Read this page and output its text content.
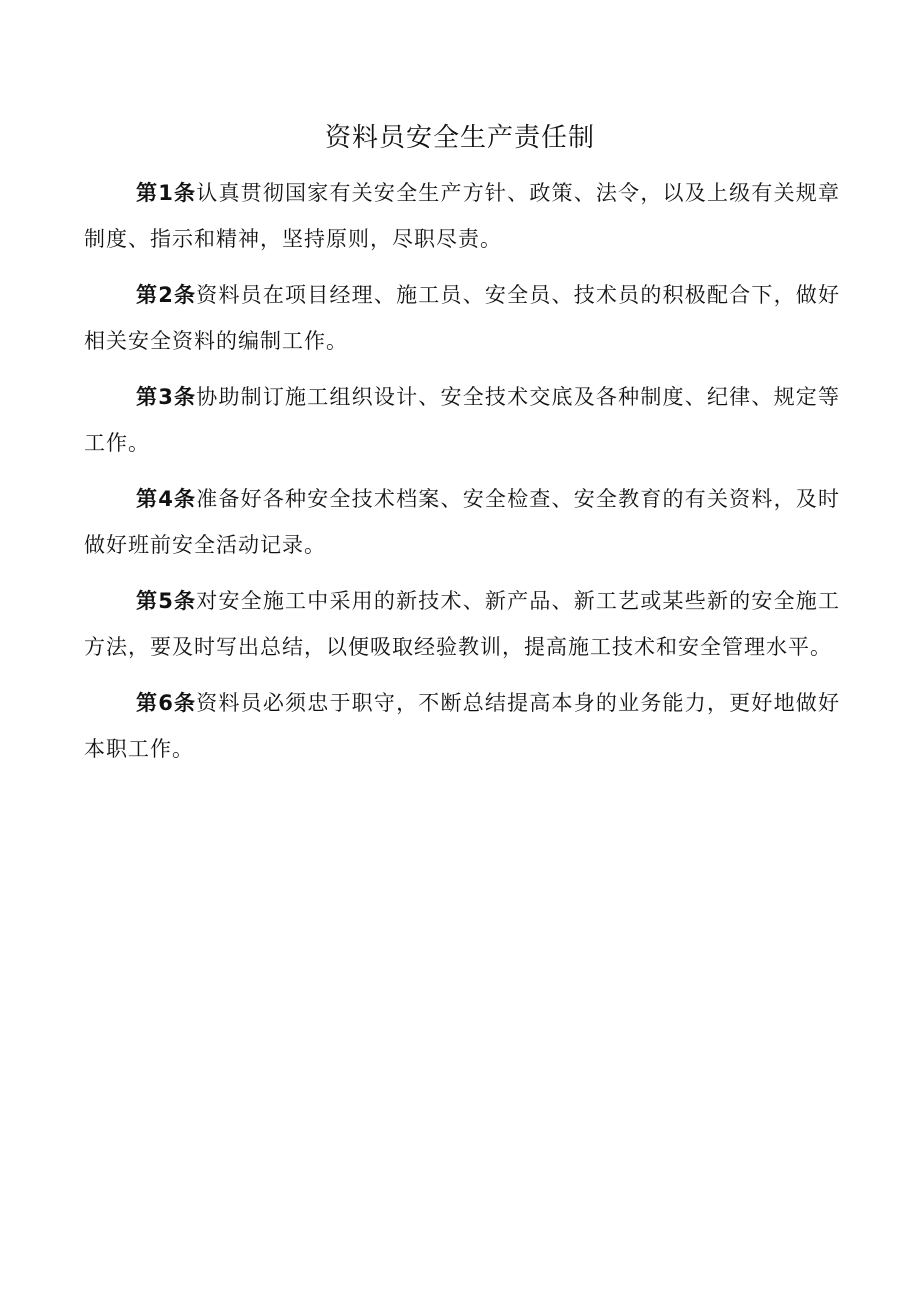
资料员安全生产责任制

第1条认真贯彻国家有关安全生产方针、政策、法令，以及上级有关规章制度、指示和精神，坚持原则，尽职尽责。

第2条资料员在项目经理、施工员、安全员、技术员的积极配合下，做好相关安全资料的编制工作。

第3条协助制订施工组织设计、安全技术交底及各种制度、纪律、规定等工作。

第4条准备好各种安全技术档案、安全检查、安全教育的有关资料，及时做好班前安全活动记录。

第5条对安全施工中采用的新技术、新产品、新工艺或某些新的安全施工方法，要及时写出总结，以便吸取经验教训，提高施工技术和安全管理水平。

第6条资料员必须忠于职守，不断总结提高本身的业务能力，更好地做好本职工作。
